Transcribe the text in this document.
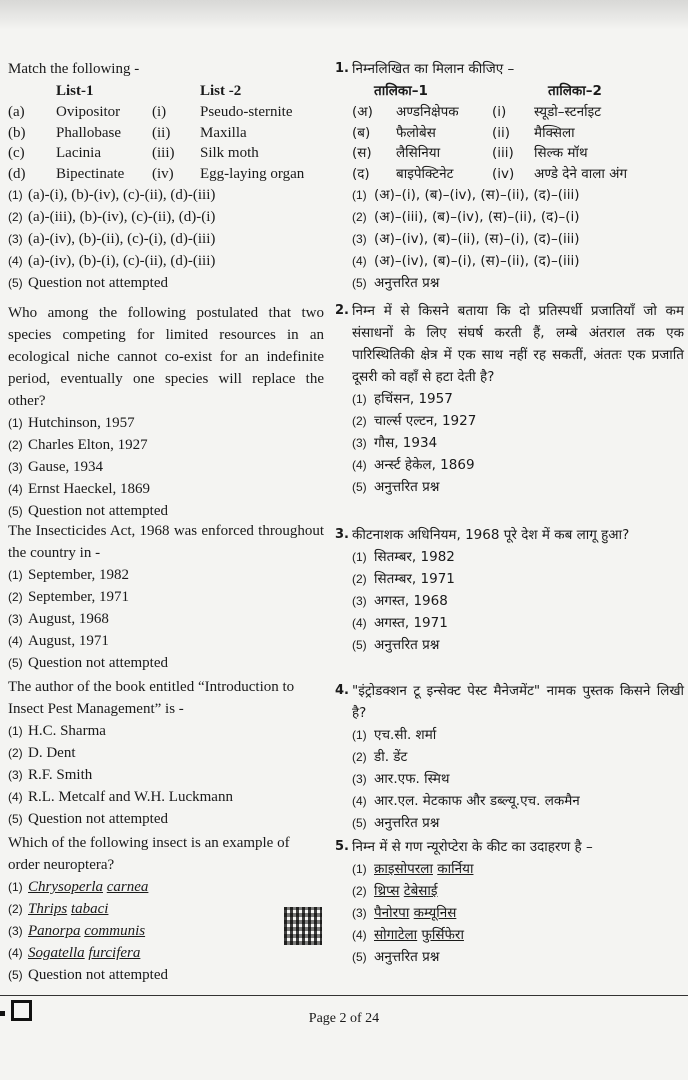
Match the following -
	List-1		List -2
(a)	Ovipositor	(i)	Pseudo-sternite
(b)	Phallobase	(ii)	Maxilla
(c)	Lacinia	(iii)	Silk moth
(d)	Bipectinate	(iv)	Egg-laying organ
(1) (a)-(i), (b)-(iv), (c)-(ii), (d)-(iii)
(2) (a)-(iii), (b)-(iv), (c)-(ii), (d)-(i)
(3) (a)-(iv), (b)-(ii), (c)-(i), (d)-(iii)
(4) (a)-(iv), (b)-(i), (c)-(ii), (d)-(iii)
(5) Question not attempted
Who among the following postulated that two species competing for limited resources in an ecological niche cannot co-exist for an indefinite period, eventually one species will replace the other?
(1) Hutchinson, 1957
(2) Charles Elton, 1927
(3) Gause, 1934
(4) Ernst Haeckel, 1869
(5) Question not attempted
The Insecticides Act, 1968 was enforced throughout the country in -
(1) September, 1982
(2) September, 1971
(3) August, 1968
(4) August, 1971
(5) Question not attempted
The author of the book entitled “Introduction to Insect Pest Management” is -
(1) H.C. Sharma
(2) D. Dent
(3) R.F. Smith
(4) R.L. Metcalf and W.H. Luckmann
(5) Question not attempted
Which of the following insect is an example of order neuroptera?
(1) Chrysoperla
carnea
(2) Thrips
tabaci
(3) Panorpa
communis
(4) Sogatella
furcifera
(5) Question not attempted
1. निम्नलिखित का मिलान कीजिए –
	तालिका–1		तालिका–2
(अ)	अण्डनिक्षेपक	(i)	स्यूडो–स्टर्नाइट
(ब)	फैलोबेस	(ii)	मैक्सिला
(स)	लैसिनिया	(iii)	सिल्क मॉथ
(द)	बाइपेक्टिनेट	(iv)	अण्डे देने वाला अंग
(1) (अ)–(i), (ब)–(iv), (स)–(ii), (द)–(iii)
(2) (अ)–(iii), (ब)–(iv), (स)–(ii), (द)–(i)
(3) (अ)–(iv), (ब)–(ii), (स)–(i), (द)–(iii)
(4) (अ)–(iv), (ब)–(i), (स)–(ii), (द)–(iii)
(5) अनुत्तरित प्रश्न
2. निम्न में से किसने बताया कि दो प्रतिस्पर्धी प्रजातियाँ जो कम संसाधनों के लिए संघर्ष करती हैं, लम्बे अंतराल तक एक पारिस्थितिकी क्षेत्र में एक साथ नहीं रह सकतीं, अंततः एक प्रजाति दूसरी को वहाँ से हटा देती है?
(1) हचिंसन, 1957
(2) चार्ल्स एल्टन, 1927
(3) गौस, 1934
(4) अर्न्स्ट हेकेल, 1869
(5) अनुत्तरित प्रश्न
3. कीटनाशक अधिनियम, 1968 पूरे देश में कब लागू हुआ?
(1) सितम्बर, 1982
(2) सितम्बर, 1971
(3) अगस्त, 1968
(4) अगस्त, 1971
(5) अनुत्तरित प्रश्न
4. "इंट्रोडक्शन टू इन्सेक्ट पेस्ट मैनेजमेंट" नामक पुस्तक किसने लिखी है?
(1) एच.सी. शर्मा
(2) डी. डेंट
(3) आर.एफ. स्मिथ
(4) आर.एल. मेटकाफ और डब्ल्यू.एच. लकमैन
(5) अनुत्तरित प्रश्न
5. निम्न में से गण न्यूरोप्टेरा के कीट का उदाहरण है –
(1) क्राइसोपरला
कार्निया
(2) थ्रिप्स
टेबेसाई
(3) पैनोरपा
कम्यूनिस
(4) सोगाटेला
फुर्सिफेरा
(5) अनुत्तरित प्रश्न
Page 2 of 24
